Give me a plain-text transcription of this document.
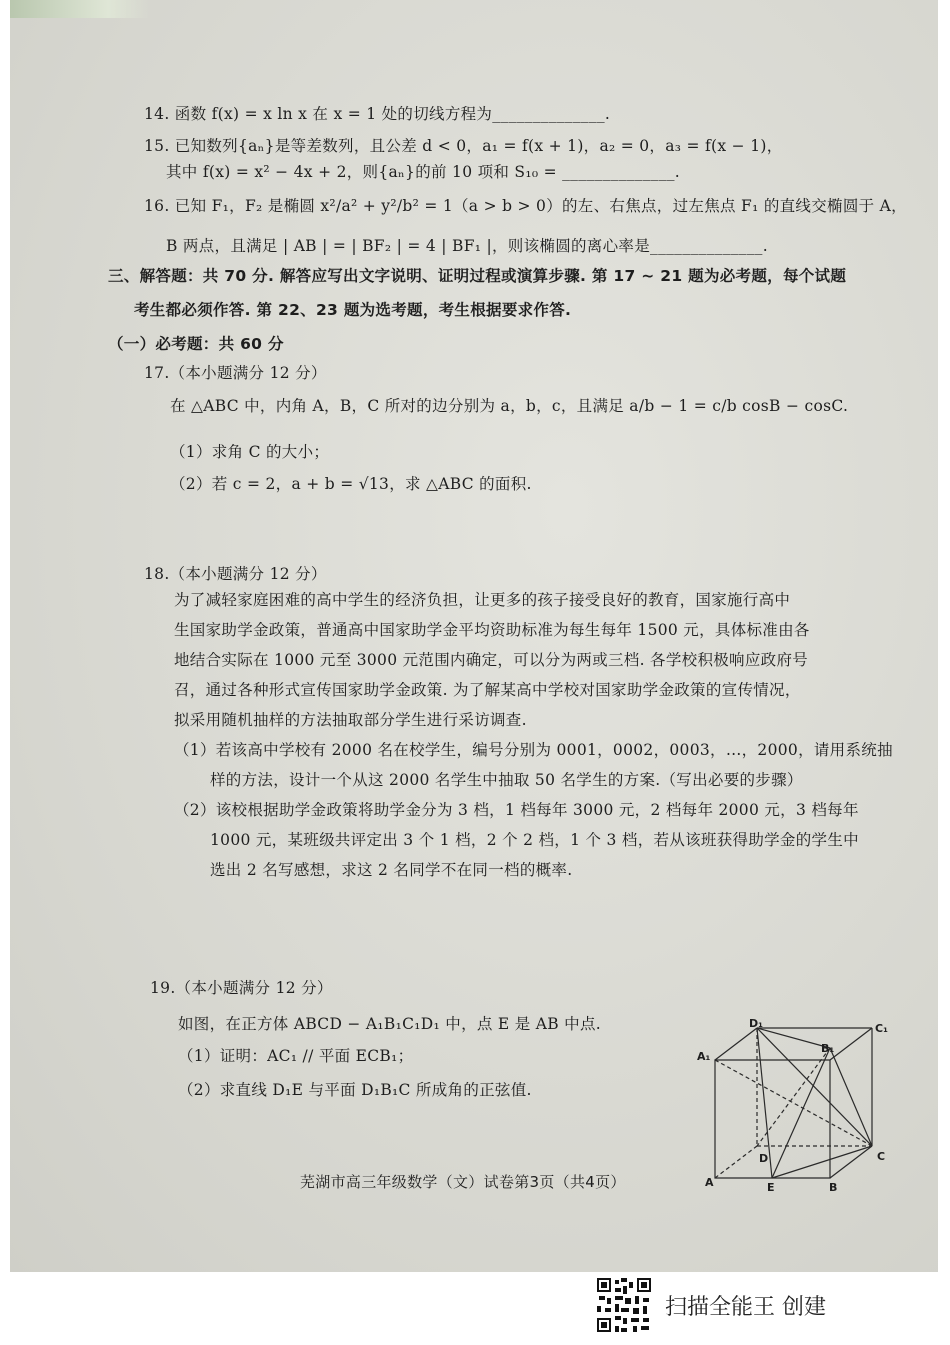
14. 函数 f(x) = x ln x 在 x = 1 处的切线方程为______________.
15. 已知数列{aₙ}是等差数列，且公差 d < 0，a₁ = f(x + 1)，a₂ = 0，a₃ = f(x − 1)，
其中 f(x) = x² − 4x + 2，则{aₙ}的前 10 项和 S₁₀ = ______________.
16. 已知 F₁，F₂ 是椭圆 x²/a² + y²/b² = 1（a > b > 0）的左、右焦点，过左焦点 F₁ 的直线交椭圆于 A，
B 两点，且满足 | AB | = | BF₂ | = 4 | BF₁ |，则该椭圆的离心率是______________.
三、解答题：共 70 分. 解答应写出文字说明、证明过程或演算步骤. 第 17 ~ 21 题为必考题，每个试题
考生都必须作答. 第 22、23 题为选考题，考生根据要求作答.
（一）必考题：共 60 分
17.（本小题满分 12 分）
在 △ABC 中，内角 A，B，C 所对的边分别为 a，b，c，且满足 a/b − 1 = c/b cosB − cosC.
（1）求角 C 的大小；
（2）若 c = 2，a + b = √13，求 △ABC 的面积.
18.（本小题满分 12 分）
为了减轻家庭困难的高中学生的经济负担，让更多的孩子接受良好的教育，国家施行高中
生国家助学金政策，普通高中国家助学金平均资助标准为每生每年 1500 元，具体标准由各
地结合实际在 1000 元至 3000 元范围内确定，可以分为两或三档. 各学校积极响应政府号
召，通过各种形式宣传国家助学金政策. 为了解某高中学校对国家助学金政策的宣传情况，
拟采用随机抽样的方法抽取部分学生进行采访调查.
（1）若该高中学校有 2000 名在校学生，编号分别为 0001，0002，0003，…，2000，请用系统抽
样的方法，设计一个从这 2000 名学生中抽取 50 名学生的方案.（写出必要的步骤）
（2）该校根据助学金政策将助学金分为 3 档，1 档每年 3000 元，2 档每年 2000 元，3 档每年
1000 元，某班级共评定出 3 个 1 档，2 个 2 档，1 个 3 档，若从该班获得助学金的学生中
选出 2 名写感想，求这 2 名同学不在同一档的概率.
19.（本小题满分 12 分）
如图，在正方体 ABCD − A₁B₁C₁D₁ 中，点 E 是 AB 中点.
（1）证明：AC₁ // 平面 ECB₁；
（2）求直线 D₁E 与平面 D₁B₁C 所成角的正弦值.
芜湖市高三年级数学（文）试卷第3页（共4页）
D₁	C₁
A₁
B₁
D	C
A	E	B
扫描全能王 创建
